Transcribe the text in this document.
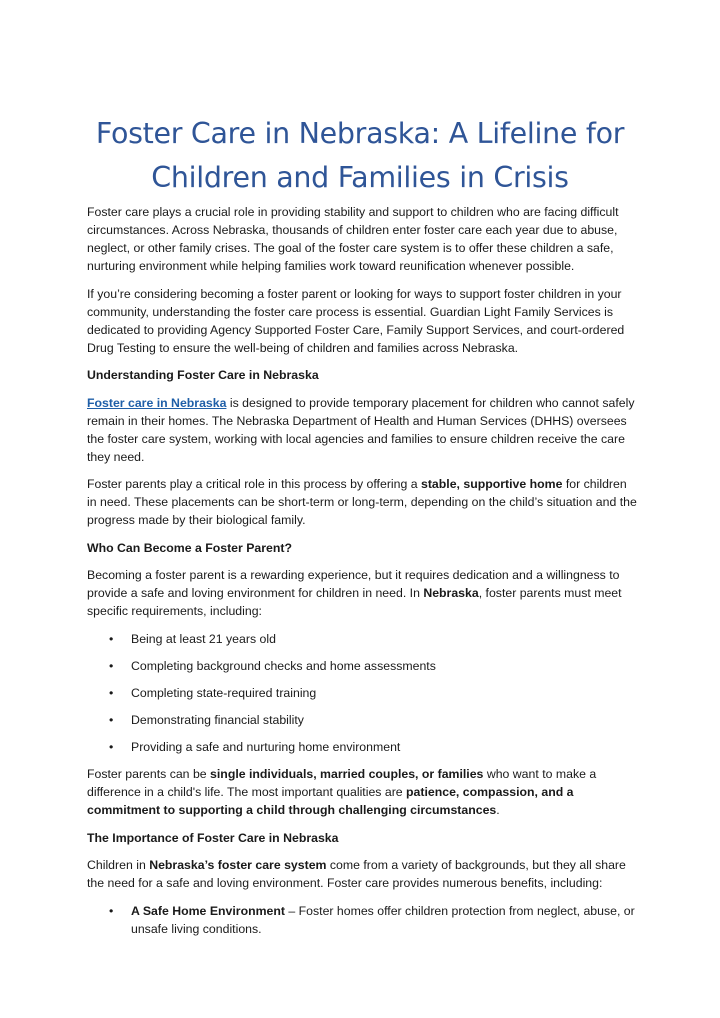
Foster Care in Nebraska: A Lifeline for
Children and Families in Crisis

Foster care plays a crucial role in providing stability and support to children who are facing difficult circumstances. Across Nebraska, thousands of children enter foster care each year due to abuse, neglect, or other family crises. The goal of the foster care system is to offer these children a safe, nurturing environment while helping families work toward reunification whenever possible.

If you’re considering becoming a foster parent or looking for ways to support foster children in your community, understanding the foster care process is essential. Guardian Light Family Services is dedicated to providing Agency Supported Foster Care, Family Support Services, and court-ordered Drug Testing to ensure the well-being of children and families across Nebraska.

Understanding Foster Care in Nebraska

Foster care in Nebraska is designed to provide temporary placement for children who cannot safely remain in their homes. The Nebraska Department of Health and Human Services (DHHS) oversees the foster care system, working with local agencies and families to ensure children receive the care they need.

Foster parents play a critical role in this process by offering a stable, supportive home for children in need. These placements can be short-term or long-term, depending on the child’s situation and the progress made by their biological family.

Who Can Become a Foster Parent?

Becoming a foster parent is a rewarding experience, but it requires dedication and a willingness to provide a safe and loving environment for children in need. In Nebraska, foster parents must meet specific requirements, including:

• Being at least 21 years old
• Completing background checks and home assessments
• Completing state-required training
• Demonstrating financial stability
• Providing a safe and nurturing home environment

Foster parents can be single individuals, married couples, or families who want to make a difference in a child's life. The most important qualities are patience, compassion, and a commitment to supporting a child through challenging circumstances.

The Importance of Foster Care in Nebraska

Children in Nebraska’s foster care system come from a variety of backgrounds, but they all share the need for a safe and loving environment. Foster care provides numerous benefits, including:

• A Safe Home Environment – Foster homes offer children protection from neglect, abuse, or unsafe living conditions.
